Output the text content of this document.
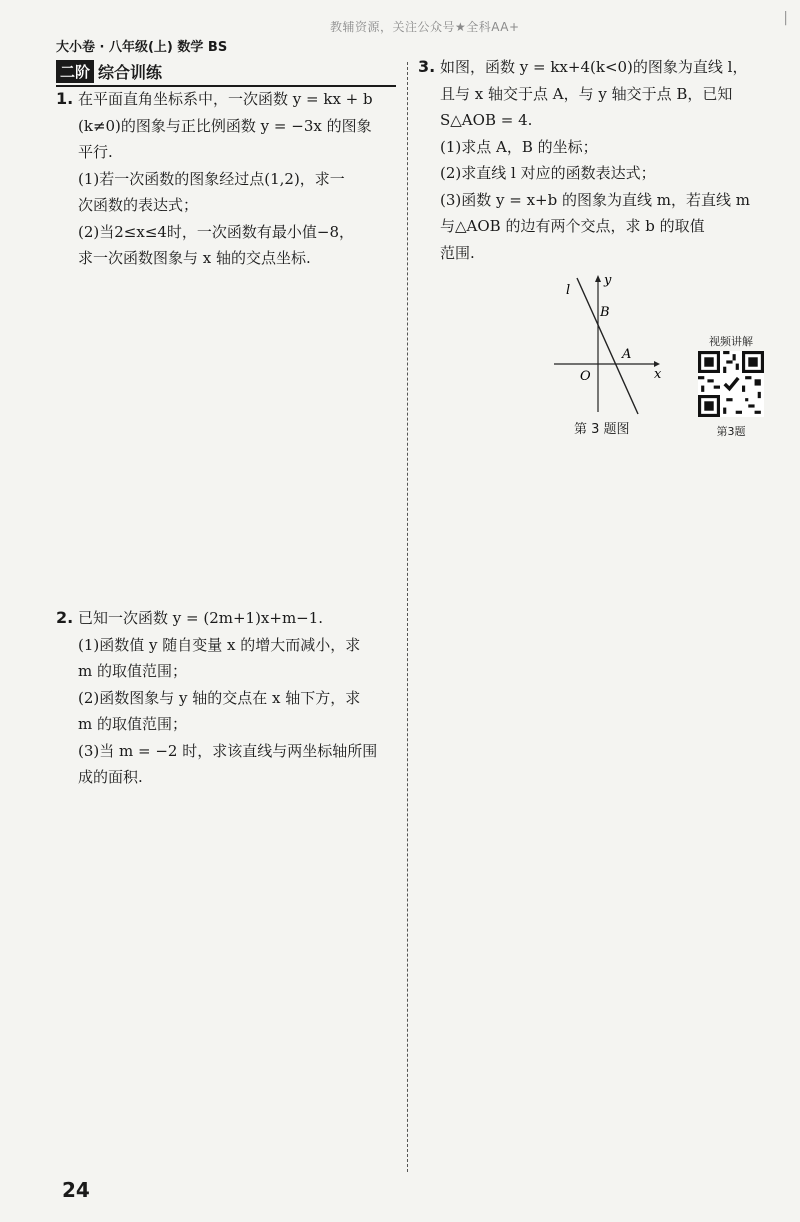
教辅资源，关注公众号★全科AA+
|
大小卷 · 八年级(上) 数学 BS
二阶 综合训练
1. 在平面直角坐标系中，一次函数 y = kx + b
(k≠0)的图象与正比例函数 y = −3x 的图象
平行.
(1)若一次函数的图象经过点(1,2)，求一
次函数的表达式；
(2)当2≤x≤4时，一次函数有最小值−8，
求一次函数图象与 x 轴的交点坐标.
2. 已知一次函数 y = (2m+1)x+m−1.
(1)函数值 y 随自变量 x 的增大而减小，求
m 的取值范围；
(2)函数图象与 y 轴的交点在 x 轴下方，求
m 的取值范围；
(3)当 m = −2 时，求该直线与两坐标轴所围
成的面积.
3. 如图，函数 y = kx+4(k<0)的图象为直线 l，
且与 x 轴交于点 A，与 y 轴交于点 B，已知
S△AOB = 4.
(1)求点 A，B 的坐标；
(2)求直线 l 对应的函数表达式；
(3)函数 y = x+b 的图象为直线 m，若直线 m
与△AOB 的边有两个交点，求 b 的取值
范围.
l
y
B
A
O	x
第 3 题图
视频讲解
第3题
24
